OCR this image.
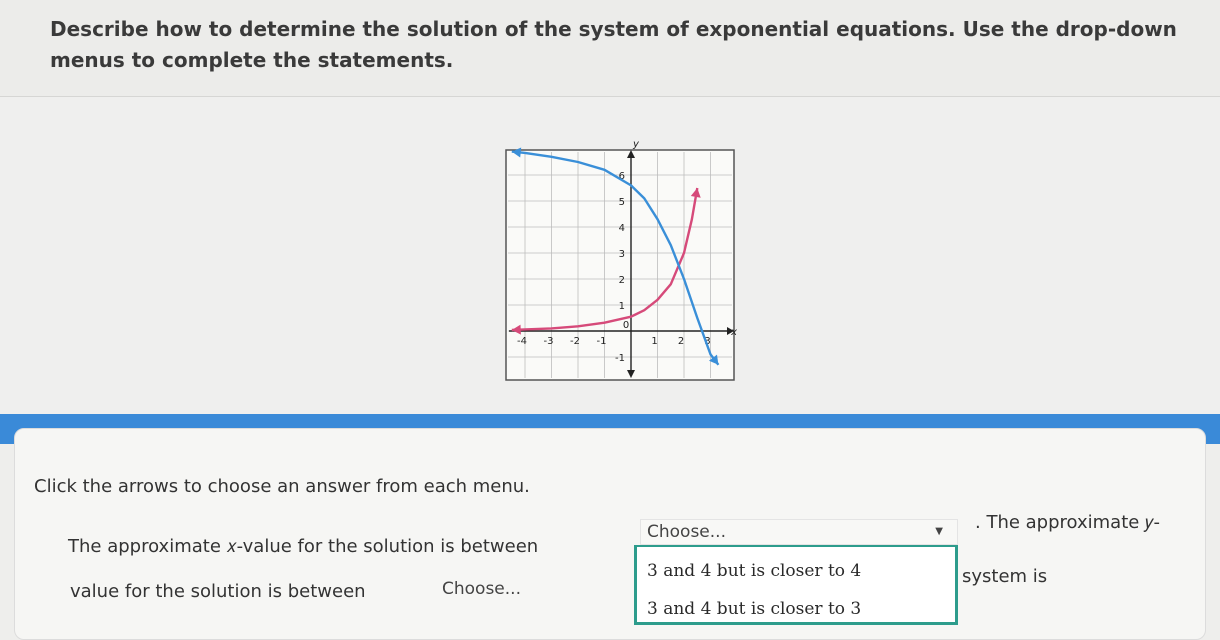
Describe how to determine the solution of the system of exponential equations. Use the drop-down menus to complete the statements.

-4 -3 -2 -1
0
1 2 3
6
5
4
3
2
1
-1
x
y
Click the arrows to choose an answer from each menu.
The approximate 𝑥-value for the solution is between
Choose...	▼ . The approximate 𝑦-
value for the solution is between	Choose...
system is
3 and 4 but is closer to 4
3 and 4 but is closer to 3
